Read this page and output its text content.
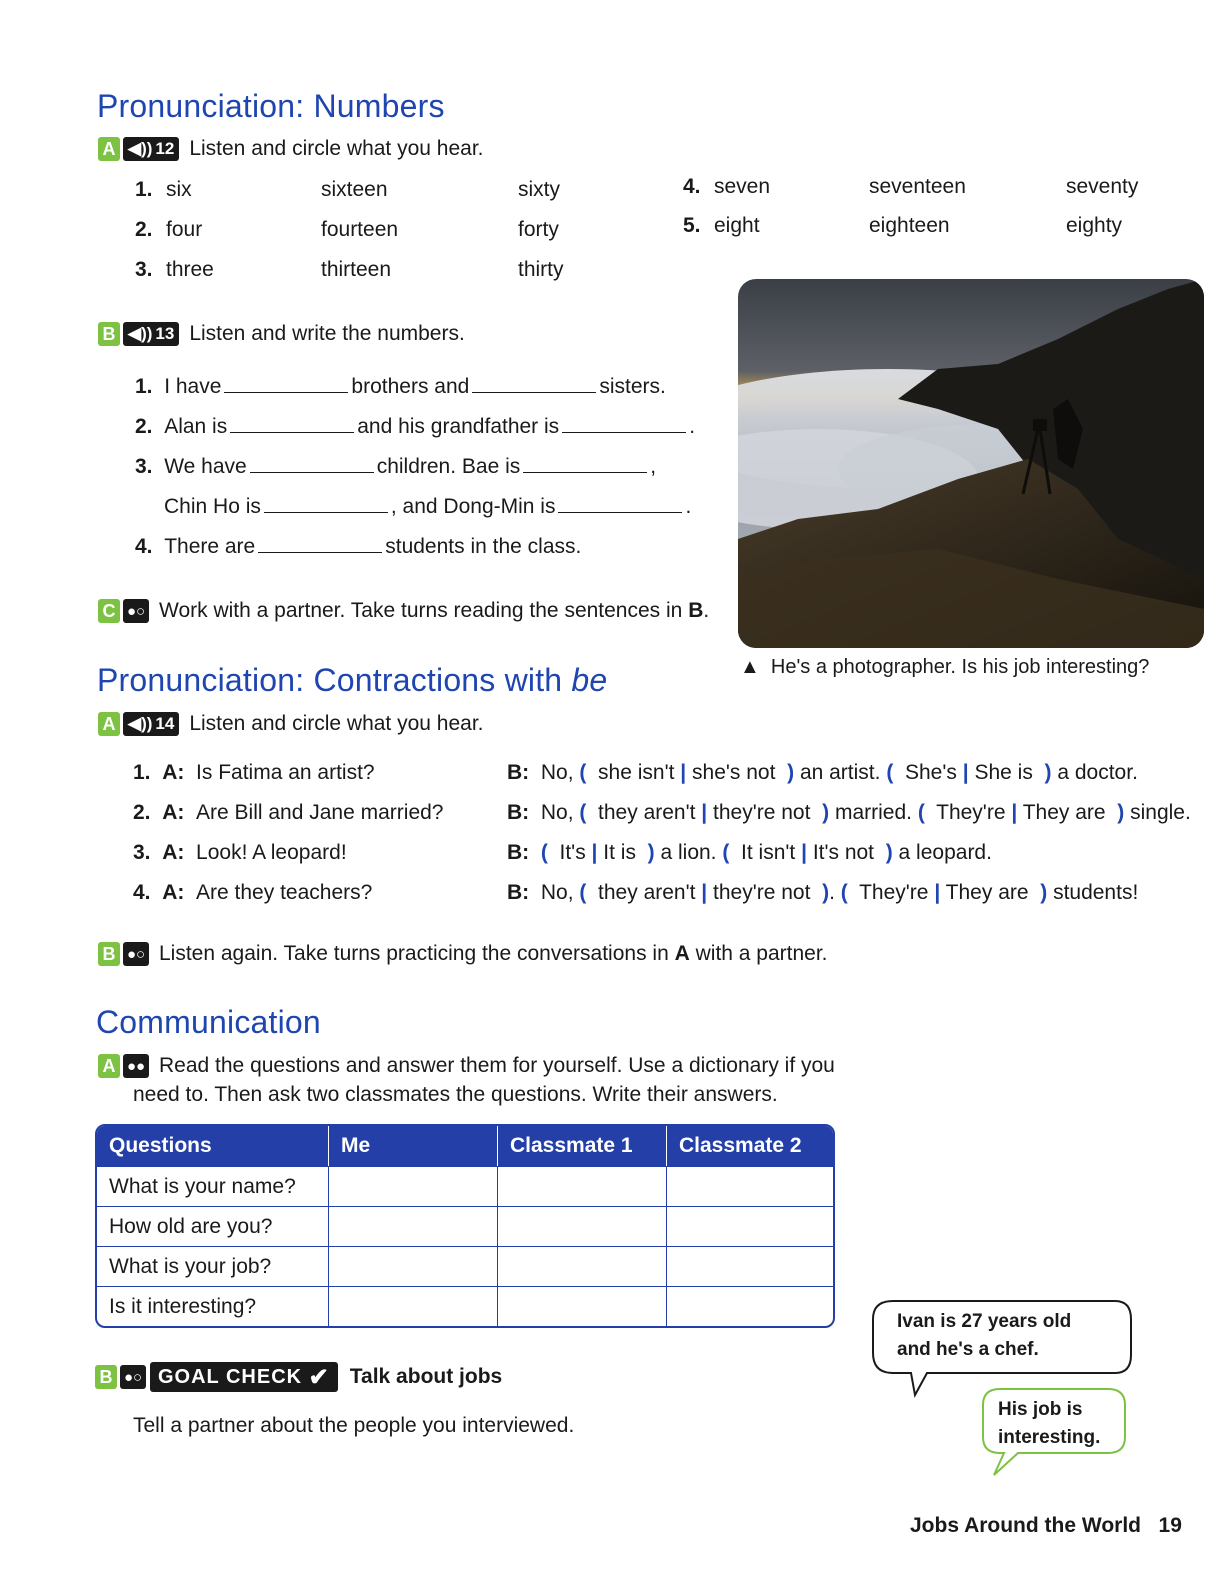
Pronunciation: Numbers
A ◀)) 12 Listen and circle what you hear.
1. six	sixteen	sixty
2. four	fourteen	forty
3. three	thirteen	thirty
4. seven	seventeen	seventy
5. eight	eighteen	eighty
B ◀)) 13 Listen and write the numbers.
1. I have	brothers and	sisters.
2. Alan is	and his grandfather is	.
3. We have	children. Bae is	,
Chin Ho is	, and Dong-Min is	.
4. There are	students in the class.
C ●○ Work with a partner. Take turns reading the sentences in B.
▲ He's a photographer. Is his job interesting?
Pronunciation: Contractions with be
A ◀)) 14 Listen and circle what you hear.
1. A: Is Fatima an artist?	B: No, ( she isn't | she's not ) an artist. ( She's | She is ) a doctor.
2. A: Are Bill and Jane married?	B: No, ( they aren't | they're not ) married. ( They're | They are ) single.
3. A: Look! A leopard!	B: ( It's | It is ) a lion. ( It isn't | It's not ) a leopard.
4. A: Are they teachers?	B: No, ( they aren't | they're not ). ( They're | They are ) students!
B ●○ Listen again. Take turns practicing the conversations in A with a partner.
Communication
A ●● Read the questions and answer them for yourself. Use a dictionary if you
need to. Then ask two classmates the questions. Write their answers.
Questions	Me	Classmate 1	Classmate 2
What is your name?			
How old are you?			
What is your job?			
Is it interesting?			
B ●○ GOAL CHECK
✔ Talk about jobs
Tell a partner about the people you interviewed.
Ivan is 27 years old
and he's a chef.
His job is
interesting.
Jobs Around the World 19
